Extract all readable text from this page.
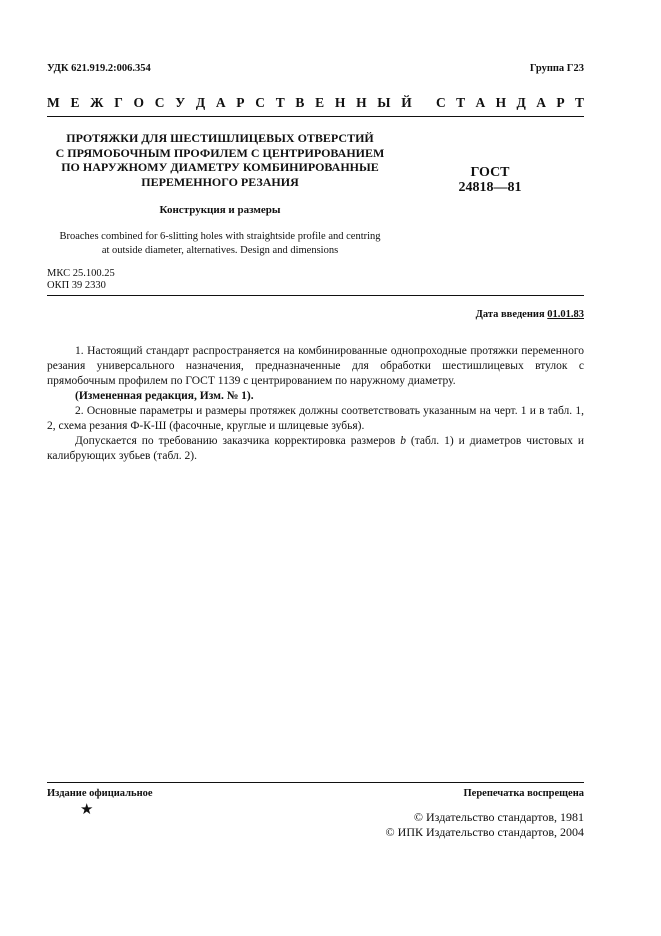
УДК 621.919.2:006.354	Группа Г23
М Е Ж Г О С У Д А Р С Т В Е Н Н Ы Й С Т А Н Д А Р Т
ПРОТЯЖКИ ДЛЯ ШЕСТИШЛИЦЕВЫХ ОТВЕРСТИЙ
С ПРЯМОБОЧНЫМ ПРОФИЛЕМ С ЦЕНТРИРОВАНИЕМ
ПО НАРУЖНОМУ ДИАМЕТРУ КОМБИНИРОВАННЫЕ
ПЕРЕМЕННОГО РЕЗАНИЯ
ГОСТ
24818—81
Конструкция и размеры
Broaches combined for 6-slitting holes with straightside profile and centring
at outside diameter, alternatives. Design and dimensions
МКС 25.100.25
ОКП 39 2330
Дата введения 01.01.83

1. Настоящий стандарт распространяется на комбинированные однопроходные протяжки переменного резания универсального назначения, предназначенные для обработки шестишлицевых втулок с прямобочным профилем по ГОСТ 1139 с центрированием по наружному диаметру.

(Измененная редакция, Изм. № 1).

2. Основные параметры и размеры протяжек должны соответствовать указанным на черт. 1 и в табл. 1, 2, схема резания Ф-К-Ш (фасочные, круглые и шлицевые зубья).

Допускается по требованию заказчика корректировка размеров b (табл. 1) и диаметров чистовых и калибрующих зубьев (табл. 2).

Издание официальное	Перепечатка воспрещена
★	© Издательство стандартов, 1981
© ИПК Издательство стандартов, 2004
